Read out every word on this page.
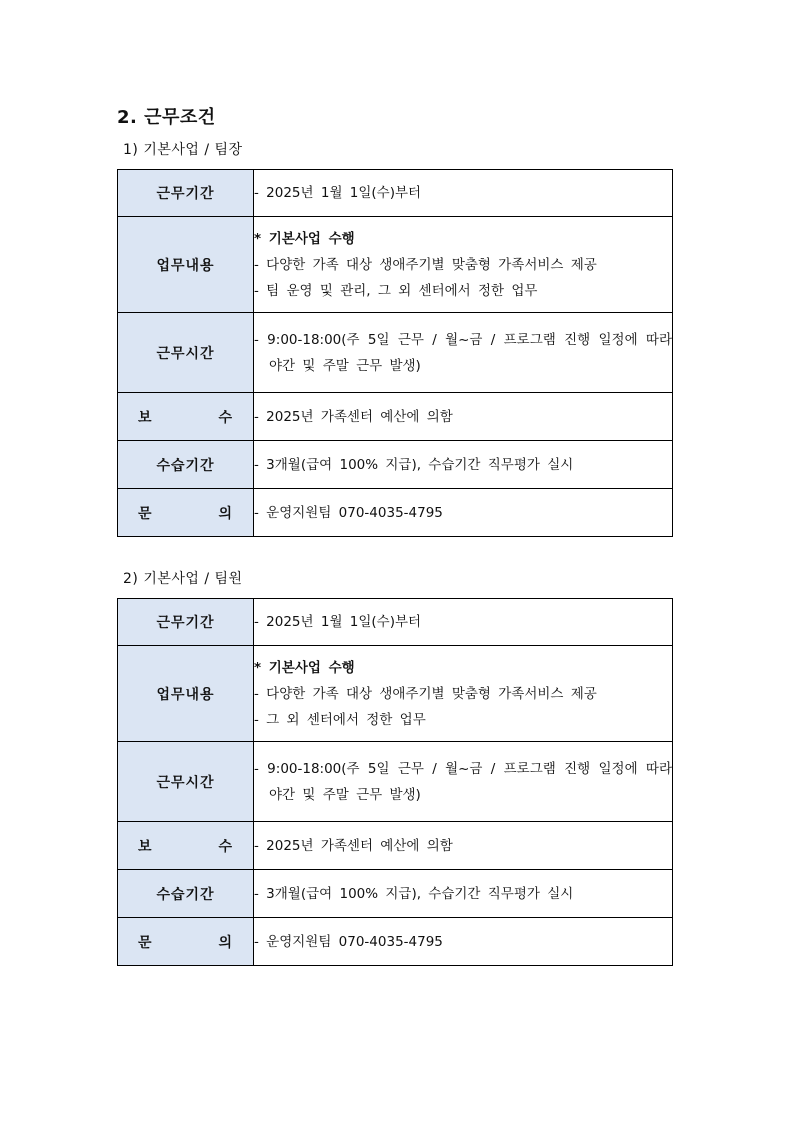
2. 근무조건
1) 기본사업 / 팀장
근무기간	- 2025년 1월 1일(수)부터

업무내용	* 기본사업 수행
- 다양한 가족 대상 생애주기별 맞춤형 가족서비스 제공
- 팀 운영 및 관리, 그 외 센터에서 정한 업무

근무시간	- 9:00-18:00(주 5일 근무 / 월~금 / 프로그램 진행 일정에 따라 야간 및 주말 근무 발생)

보 수	- 2025년 가족센터 예산에 의함

수습기간	- 3개월(급여 100% 지급), 수습기간 직무평가 실시

문 의	- 운영지원팀 070-4035-4795
2) 기본사업 / 팀원
근무기간	- 2025년 1월 1일(수)부터

업무내용	* 기본사업 수행
- 다양한 가족 대상 생애주기별 맞춤형 가족서비스 제공
- 그 외 센터에서 정한 업무

근무시간	- 9:00-18:00(주 5일 근무 / 월~금 / 프로그램 진행 일정에 따라 야간 및 주말 근무 발생)

보 수	- 2025년 가족센터 예산에 의함

수습기간	- 3개월(급여 100% 지급), 수습기간 직무평가 실시

문 의	- 운영지원팀 070-4035-4795
